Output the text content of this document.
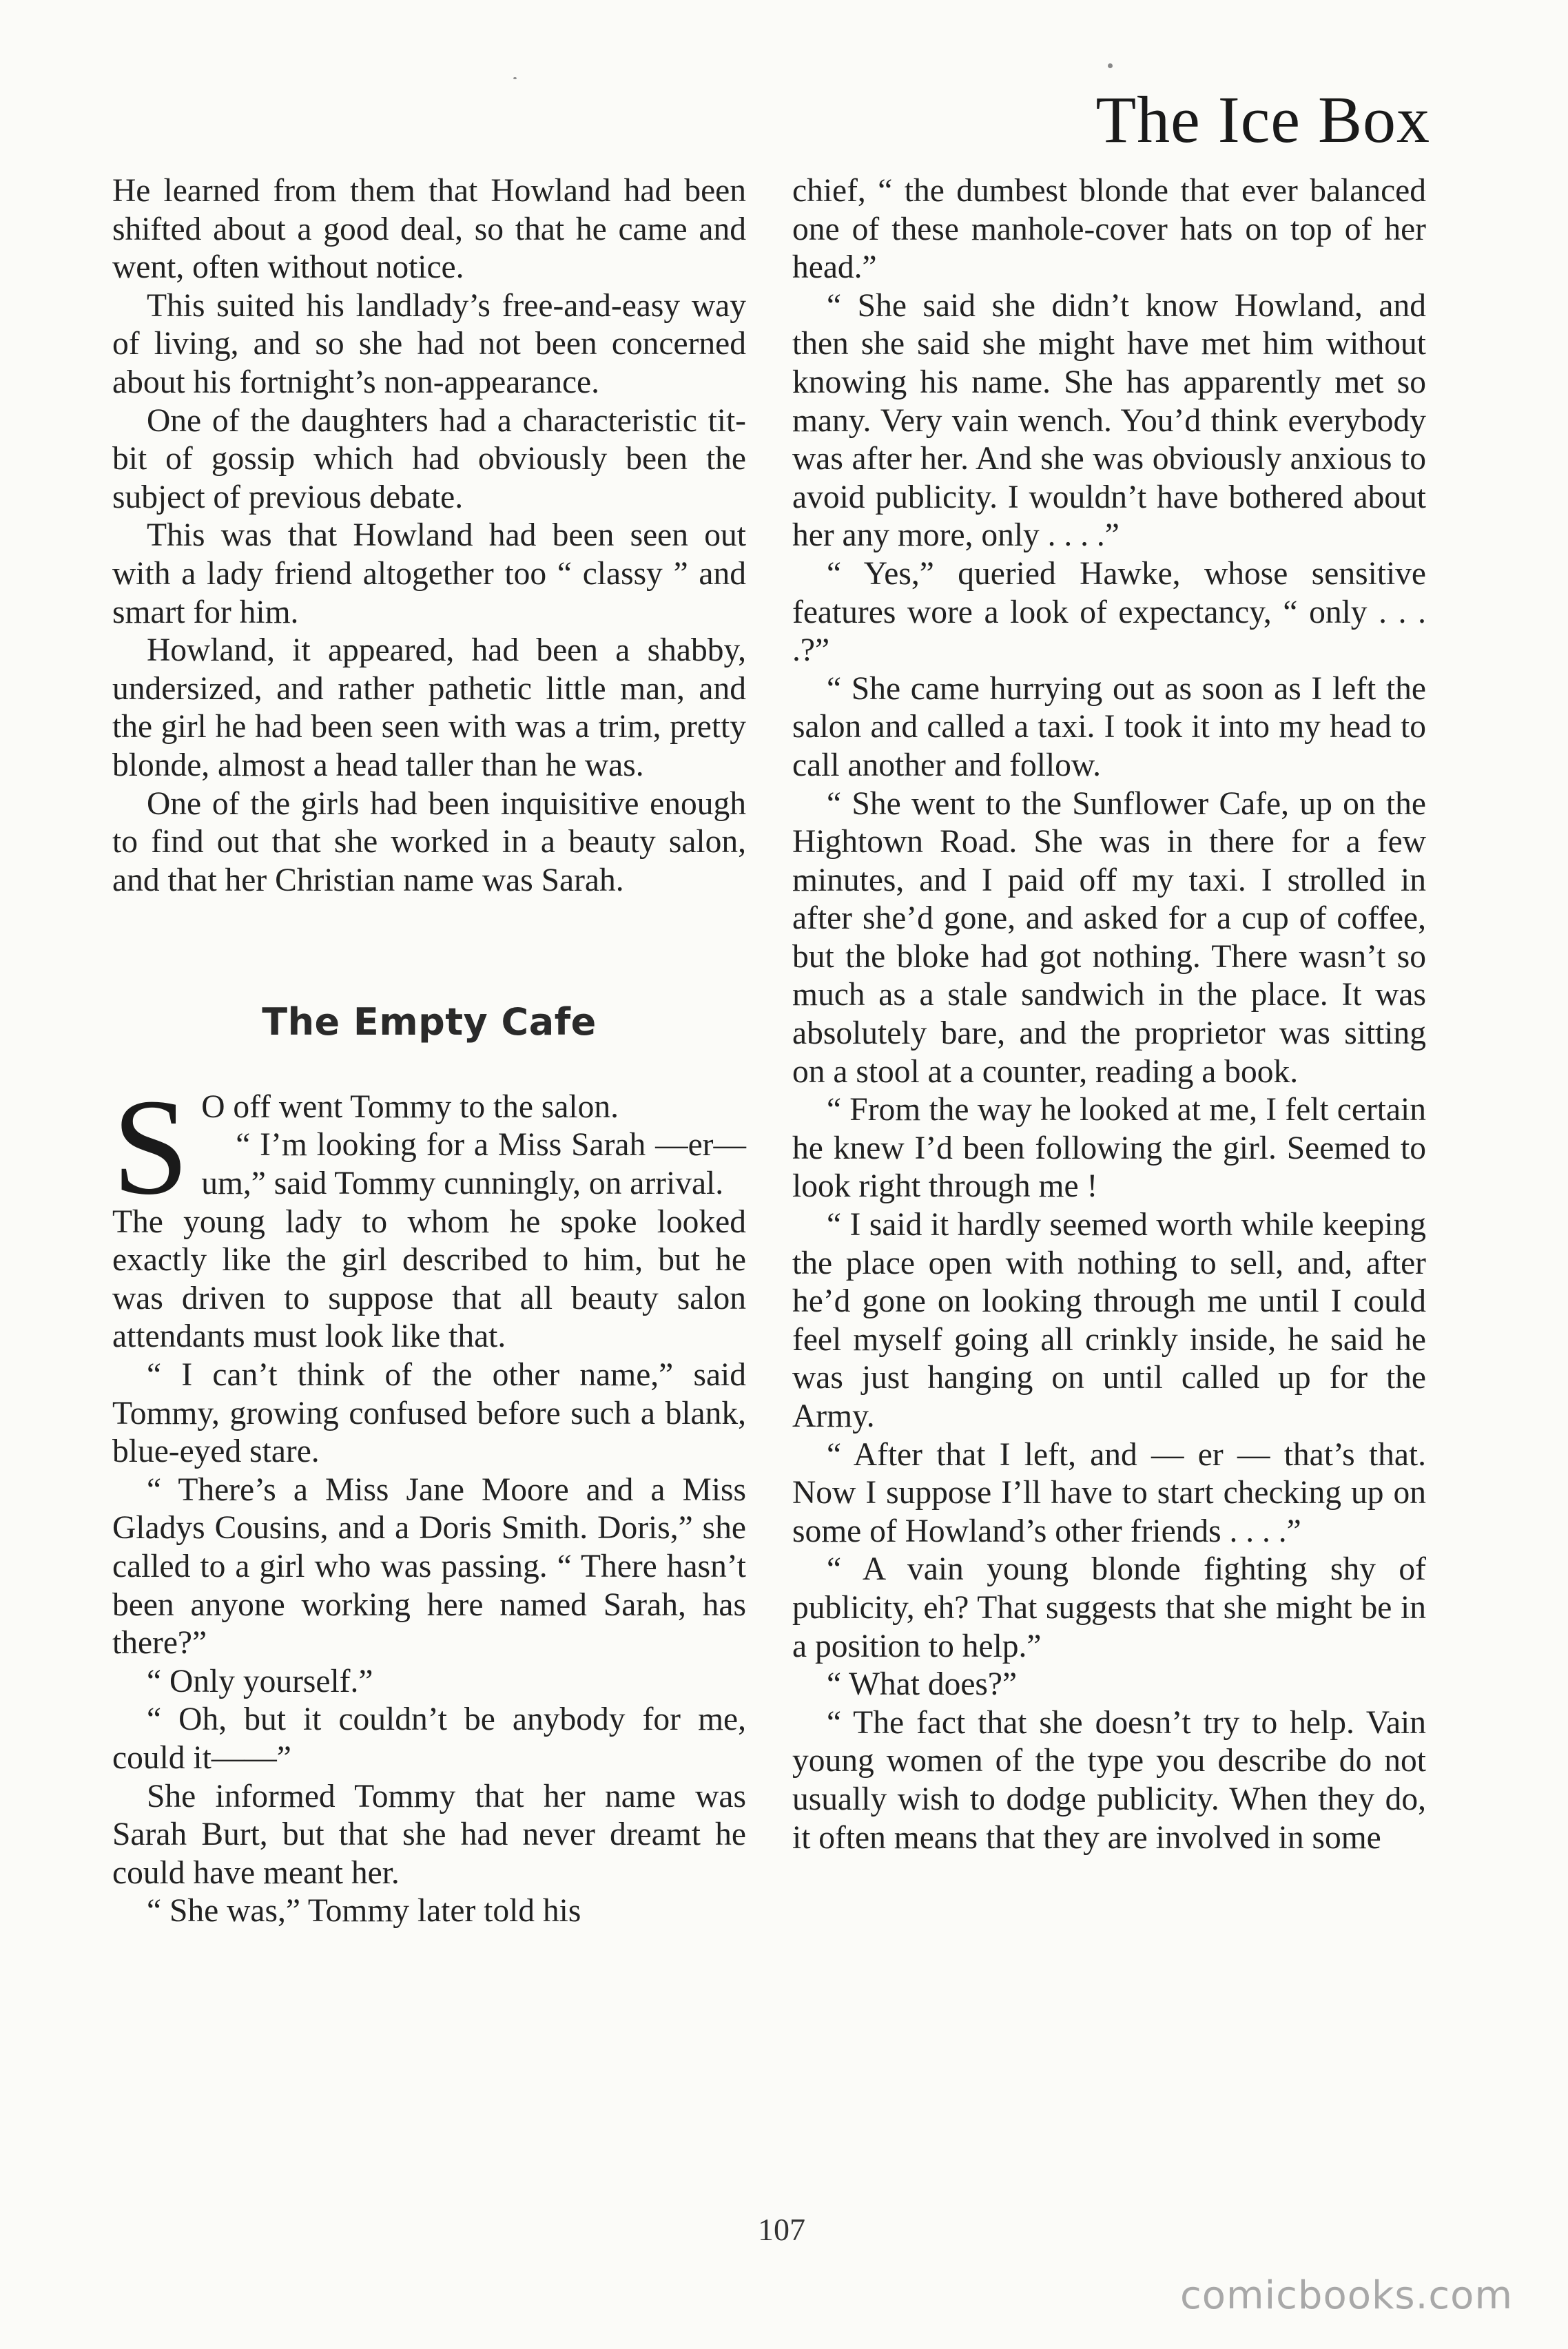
The Ice Box

He learned from them that Howland had been shifted about a good deal, so that he came and went, often without notice.

This suited his landlady’s free-and-easy way of living, and so she had not been concerned about his fortnight’s non-appearance.

One of the daughters had a characteristic tit-bit of gossip which had obviously been the subject of previous debate.

This was that Howland had been seen out with a lady friend altogether too “ classy ” and smart for him.

Howland, it appeared, had been a shabby, undersized, and rather pathetic little man, and the girl he had been seen with was a trim, pretty blonde, almost a head taller than he was.

One of the girls had been inquisitive enough to find out that she worked in a beauty salon, and that her Christian name was Sarah.

The Empty Cafe

S O off went Tommy to the salon.

“ I’m looking for a Miss Sarah —er—um,” said Tommy cunningly, on arrival.

The young lady to whom he spoke looked exactly like the girl described to him, but he was driven to suppose that all beauty salon attendants must look like that.

“ I can’t think of the other name,” said Tommy, growing confused before such a blank, blue-eyed stare.

“ There’s a Miss Jane Moore and a Miss Gladys Cousins, and a Doris Smith. Doris,” she called to a girl who was passing. “ There hasn’t been anyone working here named Sarah, has there?”

“ Only yourself.”

“ Oh, but it couldn’t be anybody for me, could it——”

She informed Tommy that her name was Sarah Burt, but that she had never dreamt he could have meant her.

“ She was,” Tommy later told his

chief, “ the dumbest blonde that ever balanced one of these manhole-cover hats on top of her head.”

“ She said she didn’t know Howland, and then she said she might have met him without knowing his name. She has apparently met so many. Very vain wench. You’d think everybody was after her. And she was obviously anxious to avoid publicity. I wouldn’t have bothered about her any more, only . . . .”

“ Yes,” queried Hawke, whose sensitive features wore a look of expectancy, “ only . . . .?”

“ She came hurrying out as soon as I left the salon and called a taxi. I took it into my head to call another and follow.

“ She went to the Sunflower Cafe, up on the Hightown Road. She was in there for a few minutes, and I paid off my taxi. I strolled in after she’d gone, and asked for a cup of coffee, but the bloke had got nothing. There wasn’t so much as a stale sandwich in the place. It was absolutely bare, and the proprietor was sitting on a stool at a counter, reading a book.

“ From the way he looked at me, I felt certain he knew I’d been following the girl. Seemed to look right through me !

“ I said it hardly seemed worth while keeping the place open with nothing to sell, and, after he’d gone on looking through me until I could feel myself going all crinkly inside, he said he was just hanging on until called up for the Army.

“ After that I left, and — er — that’s that. Now I suppose I’ll have to start checking up on some of Howland’s other friends . . . .”

“ A vain young blonde fighting shy of publicity, eh? That suggests that she might be in a position to help.”

“ What does?”

“ The fact that she doesn’t try to help. Vain young women of the type you describe do not usually wish to dodge publicity. When they do, it often means that they are involved in some

107
comicbooks.com
